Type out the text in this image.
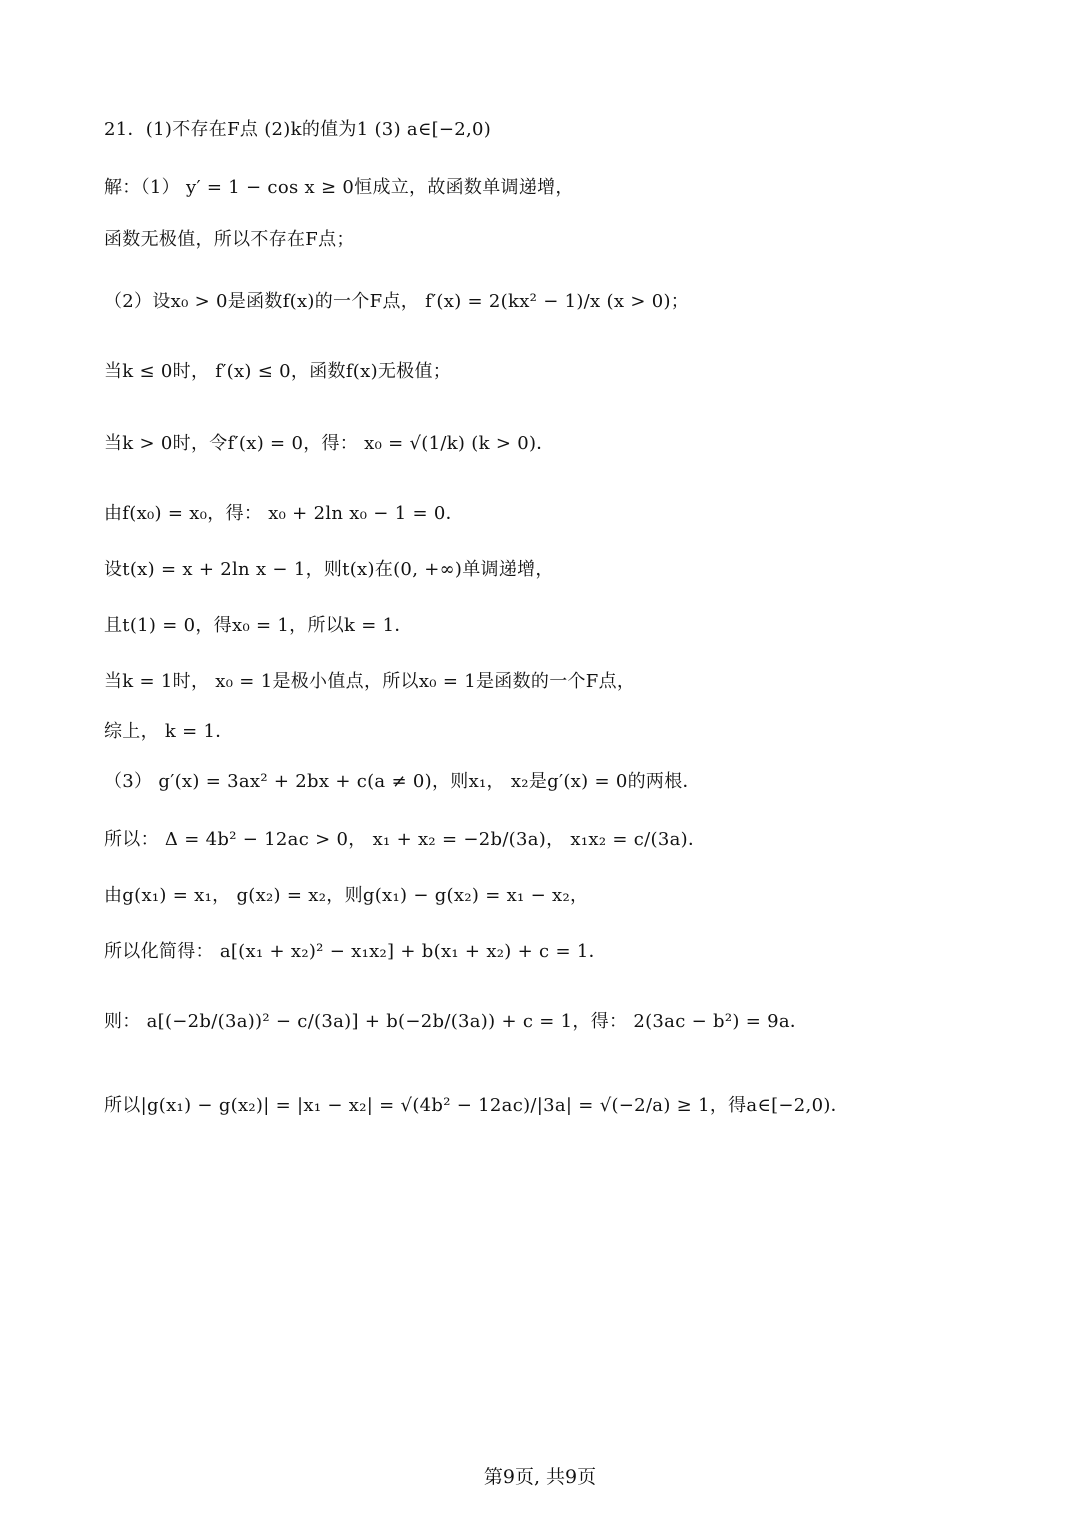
21．(1)不存在F点 (2)k的值为1 (3) a∈[−2,0)
解：（1） y′ = 1 − cos x ≥ 0恒成立，故函数单调递增，
函数无极值，所以不存在F点；
（2）设x₀ > 0是函数f(x)的一个F点， f′(x) = 2(kx² − 1)/x (x > 0)；
当k ≤ 0时， f′(x) ≤ 0，函数f(x)无极值；
当k > 0时，令f′(x) = 0，得： x₀ = √(1/k) (k > 0)．
由f(x₀) = x₀，得： x₀ + 2ln x₀ − 1 = 0．
设t(x) = x + 2ln x − 1，则t(x)在(0, +∞)单调递增，
且t(1) = 0，得x₀ = 1，所以k = 1．
当k = 1时， x₀ = 1是极小值点，所以x₀ = 1是函数的一个F点，
综上， k = 1．
（3） g′(x) = 3ax² + 2bx + c(a ≠ 0)，则x₁， x₂是g′(x) = 0的两根．
所以： Δ = 4b² − 12ac > 0， x₁ + x₂ = −2b/(3a)， x₁x₂ = c/(3a)．
由g(x₁) = x₁， g(x₂) = x₂，则g(x₁) − g(x₂) = x₁ − x₂，
所以化简得： a[(x₁ + x₂)² − x₁x₂] + b(x₁ + x₂) + c = 1．
则： a[(−2b/(3a))² − c/(3a)] + b(−2b/(3a)) + c = 1，得： 2(3ac − b²) = 9a．
所以|g(x₁) − g(x₂)| = |x₁ − x₂| = √(4b² − 12ac)/|3a| = √(−2/a) ≥ 1，得a∈[−2,0)．
第9页, 共9页
